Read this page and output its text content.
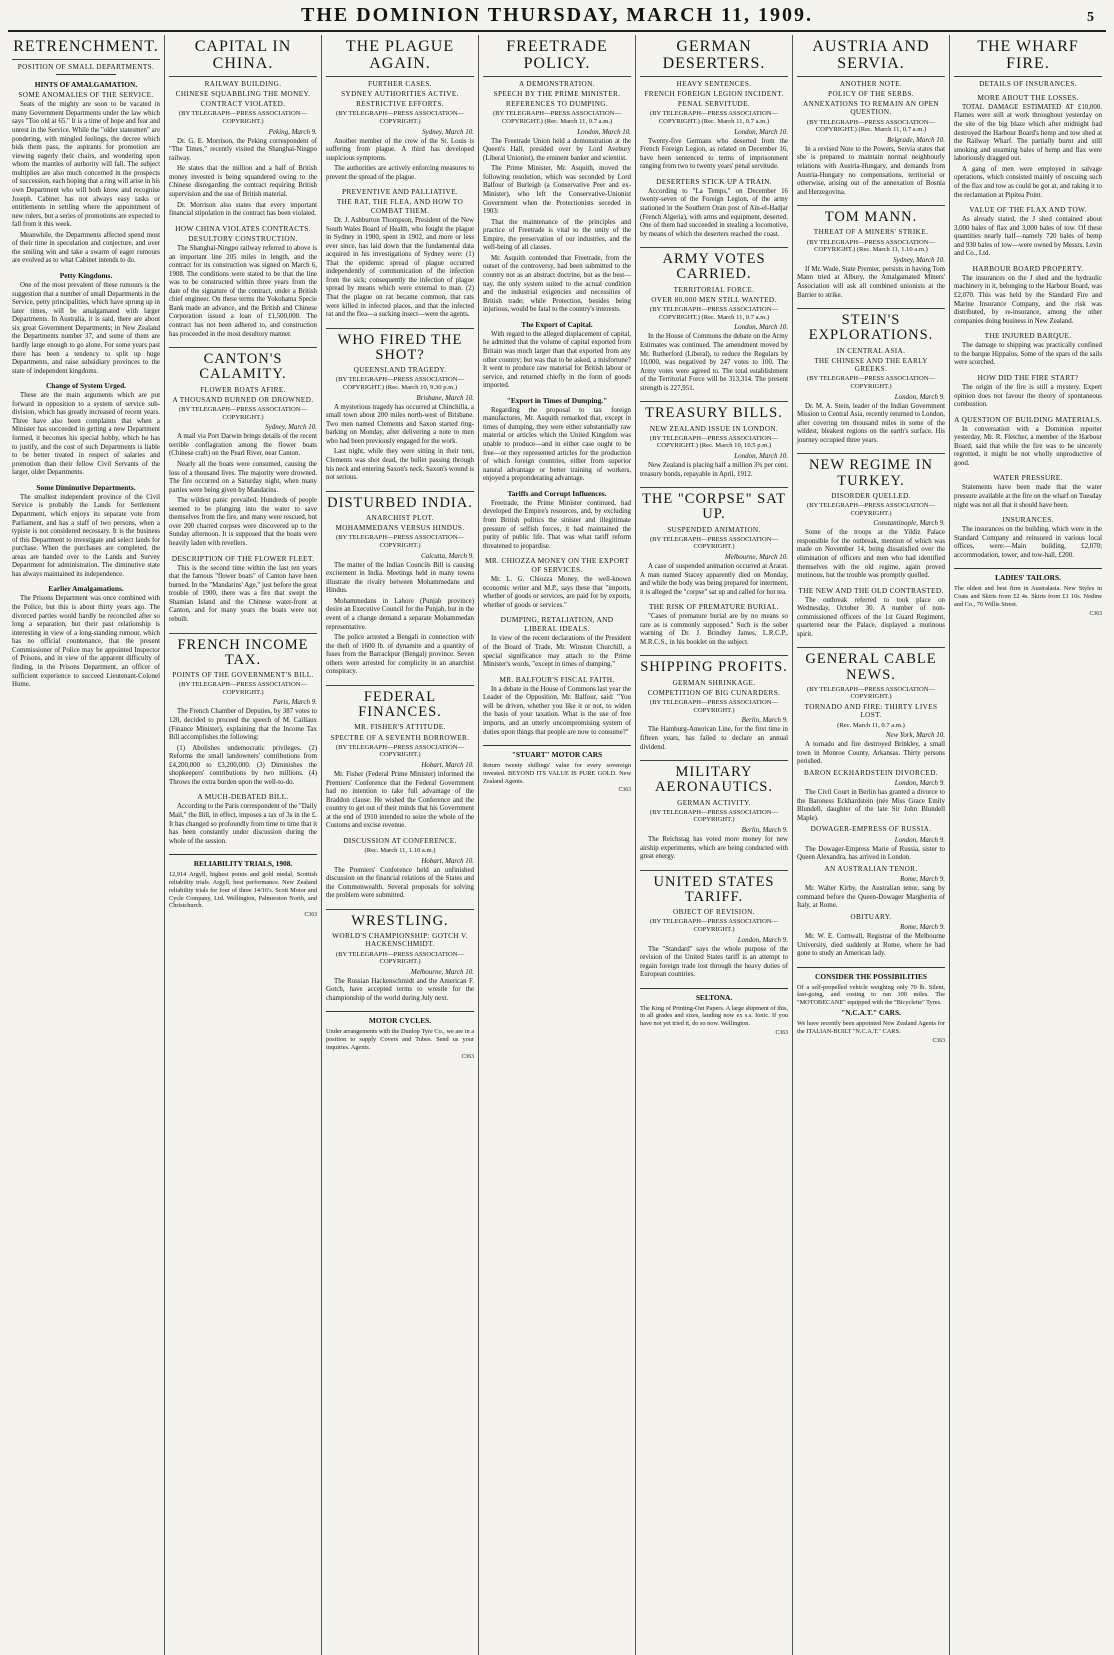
THE DOMINION THURSDAY, MARCH 11, 1909.	5
RETRENCHMENT.
POSITION OF SMALL DEPARTMENTS.
HINTS OF AMALGAMATION.
SOME ANOMALIES OF THE SERVICE.

Seats of the mighty are soon to be vacated in many Government Departments under the law which says "Too old at 65." It is a time of hope and fear and unrest in the Service. While the "older statesmen" are pondering, with mingled feelings, the decree which bids them pass, the aspirants for promotion are viewing eagerly their chairs, and wondering upon whom the mantles of authority will fall. The subject multiplies are also much concerned in the prospects of succession, each hoping that a ring will arise in his own Department who will both know and recognise Joseph. Cabinet has not always easy tasks or entitlements in settling where the appointment of new rulers, but a series of promotions are expected to fall from it this week.

Meanwhile, the Departments affected spend most of their time in speculation and conjecture, and over the smiling win and take a swarm of eager rumours are evolved as to what Cabinet intends to do.

Petty Kingdoms.

One of the most prevalent of these rumours is the suggestion that a number of small Departments in the Service, petty principalities, which have sprung up in later times, will be amalgamated with larger Departments. In Australia, it is said, there are about six great Government Departments; in New Zealand the Departments number 37, and some of them are hardly large enough to go alone. For some years past there has been a tendency to split up huge Departments, and raise subsidiary provinces to the state of independent kingdoms.

Change of System Urged.

These are the main arguments which are put forward in opposition to a system of service sub-division, which has greatly increased of recent years. Three have also been complaints that when a Minister has succeeded in getting a new Department formed, it becomes his special hobby, which he has to justify, and the cost of such Departments is liable to be better treated in respect of salaries and promotion than their fellow Civil Servants of the larger, older Departments.

Some Diminutive Departments.

The smallest independent province of the Civil Service is probably the Lands for Settlement Department, which enjoys its separate vote from Parliament, and has a staff of two persons, when a typiste is not considered necessary. It is the business of this Department to investigate and select lands for purchase. When the purchases are completed, the areas are handed over to the Lands and Survey Department for administration. The diminutive state has always maintained its independence.

Earlier Amalgamations.

The Prisons Department was once combined with the Police, but this is about thirty years ago. The divorced parties would hardly be reconciled after so long a separation, but their past relationship is interesting in view of a long-standing rumour, which has no official countenance, that the present Commissioner of Police may be appointed Inspector of Prisons, and in view of the apparent difficulty of finding, in the Prisons Department, an officer of sufficient experience to succeed Lieutenant-Colonel Hume.

CAPITAL IN CHINA.
RAILWAY BUILDING.
CHINESE SQUABBLING THE MONEY.
CONTRACT VIOLATED.
(BY TELEGRAPH—PRESS ASSOCIATION—COPYRIGHT.)
Peking, March 9.

Dr. G. E. Morrison, the Peking correspondent of "The Times," recently visited the Shanghai-Ningpo railway.

He states that the million and a half of British money invested is being squandered owing to the Chinese disregarding the contract requiring British supervision and the use of British material.

Dr. Morrison also states that every important financial stipulation in the contract has been violated.

HOW CHINA VIOLATES CONTRACTS.
DESULTORY CONSTRUCTION.

The Shanghai-Ningpo railway referred to above is an important line 205 miles in length, and the contract for its construction was signed on March 6, 1908. The conditions were stated to be that the line was to be constructed within three years from the date of the signature of the contract, under a British chief engineer. On these terms the Yokohama Specie Bank made an advance, and the British and Chinese Corporation issued a loan of £1,500,000. The contract has not been adhered to, and construction has proceeded in the most desultory manner.

CANTON'S CALAMITY.
FLOWER BOATS AFIRE.
A THOUSAND BURNED OR DROWNED.
(BY TELEGRAPH—PRESS ASSOCIATION—COPYRIGHT.)
Sydney, March 10.

A mail via Port Darwin brings details of the recent terrible conflagration among the flower boats (Chinese craft) on the Pearl River, near Canton.

Nearly all the boats were consumed, causing the loss of a thousand lives. The majority were drowned. The fire occurred on a Saturday night, when many parties were being given by Mandarins.

The wildest panic prevailed. Hundreds of people seemed to be plunging into the water to save themselves from the fire, and many were rescued, but over 200 charred corpses were discovered up to the Sunday afternoon. It is supposed that the boats were heavily laden with revellers.

DESCRIPTION OF THE FLOWER FLEET.

This is the second time within the last ten years that the famous "flower boats" of Canton have been burned. In the "Mandarins' Age," just before the great trouble of 1900, there was a fire that swept the Shamian Island and the Chinese water-front at Canton, and for many years the boats were not rebuilt.

FRENCH INCOME TAX.
POINTS OF THE GOVERNMENT'S BILL.
(BY TELEGRAPH—PRESS ASSOCIATION—COPYRIGHT.)
Paris, March 9.

The French Chamber of Deputies, by 387 votes to 120, decided to proceed the speech of M. Caillaux (Finance Minister), explaining that the Income Tax Bill accomplishes the following:

(1) Abolishes undemocratic privileges. (2) Reforms the small landowners' contributions from £4,200,000 to £3,200,000. (3) Diminishes the shopkeepers' contributions by two millions. (4) Throws the extra burden upon the well-to-do.

A MUCH-DEBATED BILL.

According to the Paris correspondent of the "Daily Mail," the Bill, in effect, imposes a tax of 3s in the £. It has changed so profoundly from time to time that it has been constantly under discussion during the whole of the session.

RELIABILITY TRIALS, 1908.

12,914 Argyll, highest points and gold medal, Scottish reliability trials. Argyll, best performance. New Zealand reliability trials for four of three 14/16's. Scott Motor and Cycle Company, Ltd. Wellington, Palmerston North, and Christchurch.

C363
THE PLAGUE AGAIN.
FURTHER CASES.
SYDNEY AUTHORITIES ACTIVE.
RESTRICTIVE EFFORTS.
(BY TELEGRAPH—PRESS ASSOCIATION—COPYRIGHT.)
Sydney, March 10.

Another member of the crew of the St. Louis is suffering from plague. A third has developed suspicious symptoms.

The authorities are actively enforcing measures to prevent the spread of the plague.

PREVENTIVE AND PALLIATIVE.
THE RAT, THE FLEA, AND HOW TO COMBAT THEM.

Dr. J. Ashburton Thompson, President of the New South Wales Board of Health, who fought the plague in Sydney in 1900, spent in 1902, and more or less ever since, has laid down that the fundamental data acquired in his investigations of Sydney were: (1) That the epidemic spread of plague occurred independently of communication of the infection from the sick; consequently the infection of plague spread by means which were external to man. (2) That the plague on rat became common, that rats were killed in infected places, and that the infected rat and the flea—a sucking insect—were the agents.

WHO FIRED THE SHOT?
QUEENSLAND TRAGEDY.
(BY TELEGRAPH—PRESS ASSOCIATION—COPYRIGHT.) (Rec. March 10, 9.30 p.m.)
Brisbane, March 10.

A mysterious tragedy has occurred at Chinchilla, a small town about 200 miles north-west of Brisbane. Two men named Clements and Saxon started ring-barking on Monday, after delivering a note to men who had been previously engaged for the work.

Last night, while they were sitting in their tent, Clements was shot dead, the bullet passing through his neck and entering Saxon's neck. Saxon's wound is not serious.

DISTURBED INDIA.
ANARCHIST PLOT.
MOHAMMEDANS VERSUS HINDUS.
(BY TELEGRAPH—PRESS ASSOCIATION—COPYRIGHT.)
Calcutta, March 9.

The matter of the Indian Councils Bill is causing excitement in India. Meetings held in many towns illustrate the rivalry between Mohammedans and Hindus.

Mohammedans in Lahore (Punjab province) desire an Executive Council for the Punjab, but in the event of a change demand a separate Mohammedan representative.

The police arrested a Bengali in connection with the theft of 1600 lb. of dynamite and a quantity of fuses from the Barrackpur (Bengal) province. Seven others were arrested for complicity in an anarchist conspiracy.

FEDERAL FINANCES.
MR. FISHER'S ATTITUDE.
SPECTRE OF A SEVENTH BORROWER.
(BY TELEGRAPH—PRESS ASSOCIATION—COPYRIGHT.)
Hobart, March 10.

Mr. Fisher (Federal Prime Minister) informed the Premiers' Conference that the Federal Government had no intention to take full advantage of the Braddon clause. He wished the Conference and the country to get out of their minds that his Government at the end of 1910 intended to seize the whole of the Customs and excise revenue.

DISCUSSION AT CONFERENCE.
(Rec. March 11, 1.10 a.m.)
Hobart, March 10.

The Premiers' Conference held an unfinished discussion on the financial relations of the States and the Commonwealth. Several proposals for solving the problem were submitted.

WRESTLING.
WORLD'S CHAMPIONSHIP: GOTCH V. HACKENSCHMIDT.
(BY TELEGRAPH—PRESS ASSOCIATION—COPYRIGHT.)
Melbourne, March 10.

The Russian Hackenschmidt and the American F. Gotch, have accepted terms to wrestle for the championship of the world during July next.

MOTOR CYCLES.

Under arrangements with the Dunlop Tyre Co., we are in a position to supply Covers and Tubes. Send us your inquiries. Agents.

C363
FREETRADE POLICY.
A DEMONSTRATION.
SPEECH BY THE PRIME MINISTER.
REFERENCES TO DUMPING.
(BY TELEGRAPH—PRESS ASSOCIATION—COPYRIGHT.) (Rec. March 11, 0.7 a.m.)
London, March 10.

The Freetrade Union held a demonstration at the Queen's Hall, presided over by Lord Avebury (Liberal Unionist), the eminent banker and scientist.

The Prime Minister, Mr. Asquith, moved the following resolution, which was seconded by Lord Balfour of Burleigh (a Conservative Peer and ex-Minister), who left the Conservative-Unionist Government when the Protectionists seceded in 1903:

That the maintenance of the principles and practice of Freetrade is vital to the unity of the Empire, the preservation of our industries, and the well-being of all classes.

Mr. Asquith contended that Freetrade, from the outset of the controversy, had been submitted to the country not as an abstract doctrine, but as the best—nay, the only system suited to the actual condition and the industrial exigencies and necessities of British trade; while Protection, besides being injurious, would be fatal to the country's interests.

The Export of Capital.

With regard to the alleged displacement of capital, he admitted that the volume of capital exported from Britain was much larger than that exported from any other country; but was that to be asked, a misfortune? It went to produce raw material for British labour or service, and returned chiefly in the form of goods imported.

"Export in Times of Dumping."

Regarding the proposal to tax foreign manufactures, Mr. Asquith remarked that, except in times of dumping, they were either substantially raw material or articles which the United Kingdom was unable to produce—and in either case ought to be free—or they represented articles for the production of which foreign countries, either from superior natural advantage or better training of workers, enjoyed a preponderating advantage.

Tariffs and Corrupt Influences.

Freetrade, the Prime Minister continued, had developed the Empire's resources, and, by excluding from British politics the sinister and illegitimate pressure of selfish forces, it had maintained the purity of public life. That was what tariff reform threatened to jeopardise.

MR. CHIOZZA MONEY ON THE EXPORT OF SERVICES.

Mr. L. G. Chiozza Money, the well-known economic writer and M.P., says these that "imports, whether of goods or services, are paid for by exports, whether of goods or services."

DUMPING, RETALIATION, AND LIBERAL IDEALS.

In view of the recent declarations of the President of the Board of Trade, Mr. Winston Churchill, a special significance may attach to the Prime Minister's words, "except in times of dumping."

MR. BALFOUR'S FISCAL FAITH.

In a debate in the House of Commons last year the Leader of the Opposition, Mr. Balfour, said: "You will be driven, whether you like it or not, to widen the basis of your taxation. What is the use of free imports, and an utterly uncompromising system of duties upon things that people are now to consume?"

"STUART" MOTOR CARS

Return twenty shillings' value for every sovereign invested. BEYOND ITS VALUE IS PURE GOLD. New Zealand Agents.

C363
GERMAN DESERTERS.
HEAVY SENTENCES.
FRENCH FOREIGN LEGION INCIDENT.
PENAL SERVITUDE.
(BY TELEGRAPH—PRESS ASSOCIATION—COPYRIGHT.) (Rec. March 11, 0.7 a.m.)
London, March 10.

Twenty-five Germans who deserted from the French Foreign Legion, as related on December 16, have been sentenced to terms of imprisonment ranging from two to twenty years' penal servitude.

DESERTERS STICK UP A TRAIN.

According to "La Temps," on December 16 twenty-seven of the Foreign Legion, of the army stationed in the Southern Oran post of Aïn-el-Hadjar (French Algeria), with arms and equipment, deserted. One of them had succeeded in stealing a locomotive, by means of which the deserters reached the coast.

ARMY VOTES CARRIED.
TERRITORIAL FORCE.
OVER 80,000 MEN STILL WANTED.
(BY TELEGRAPH—PRESS ASSOCIATION—COPYRIGHT.) (Rec. March 11, 0.7 a.m.)
London, March 10.

In the House of Commons the debate on the Army Estimates was continued. The amendment moved by Mr. Rutherford (Liberal), to reduce the Regulars by 10,000, was negatived by 247 votes to 100. The Army votes were agreed to. The total establishment of the Territorial Force will be 313,314. The present strength is 227,951.

TREASURY BILLS.
NEW ZEALAND ISSUE IN LONDON.
(BY TELEGRAPH—PRESS ASSOCIATION—COPYRIGHT.) (Rec. March 10, 10.5 p.m.)
London, March 10.

New Zealand is placing half a million 3¾ per cent. treasury bonds, repayable in April, 1912.

THE "CORPSE" SAT UP.
SUSPENDED ANIMATION.
(BY TELEGRAPH—PRESS ASSOCIATION—COPYRIGHT.)
Melbourne, March 10.

A case of suspended animation occurred at Ararat. A man named Stacey apparently died on Monday, and while the body was being prepared for interment, it is alleged the "corpse" sat up and called for hot tea.

THE RISK OF PREMATURE BURIAL.

"Cases of premature burial are by no means so rare as is commonly supposed." Such is the sober warning of Dr. J. Brindley James, L.R.C.P., M.R.C.S., in his booklet on the subject.

SHIPPING PROFITS.
GERMAN SHRINKAGE.
COMPETITION OF BIG CUNARDERS.
(BY TELEGRAPH—PRESS ASSOCIATION—COPYRIGHT.)
Berlin, March 9.

The Hamburg-American Line, for the first time in fifteen years, has failed to declare an annual dividend.

MILITARY AERONAUTICS.
GERMAN ACTIVITY.
(BY TELEGRAPH—PRESS ASSOCIATION—COPYRIGHT.)
Berlin, March 9.

The Reichstag has voted more money for new airship experiments, which are being conducted with great energy.

UNITED STATES TARIFF.
OBJECT OF REVISION.
(BY TELEGRAPH—PRESS ASSOCIATION—COPYRIGHT.)
London, March 9.

The "Standard" says the whole purpose of the revision of the United States tariff is an attempt to regain foreign trade lost through the heavy duties of European countries.

SELTONA.

The King of Printing-Out Papers. A large shipment of this, in all grades and sizes, landing now ex s.s. Ionic. If you have not yet tried it, do so now. Wellington.

C363
AUSTRIA AND SERVIA.
ANOTHER NOTE.
POLICY OF THE SERBS.
ANNEXATIONS TO REMAIN AN OPEN QUESTION.
(BY TELEGRAPH—PRESS ASSOCIATION—COPYRIGHT.) (Rec. March 11, 0.7 a.m.)
Belgrade, March 10.

In a revised Note to the Powers, Servia states that she is prepared to maintain normal neighbourly relations with Austria-Hungary, and demands from Austria-Hungary no compensations, territorial or otherwise, arising out of the annexation of Bosnia and Herzegovina.

TOM MANN.
THREAT OF A MINERS' STRIKE.
(BY TELEGRAPH—PRESS ASSOCIATION—COPYRIGHT.) (Rec. March 11, 1.10 a.m.)
Sydney, March 10.

If Mr. Wade, State Premier, persists in having Tom Mann tried at Albury, the Amalgamated Miners' Association will ask all combined unionists at the Barrier to strike.

STEIN'S EXPLORATIONS.
IN CENTRAL ASIA.
THE CHINESE AND THE EARLY GREEKS.
(BY TELEGRAPH—PRESS ASSOCIATION—COPYRIGHT.)
London, March 9.

Dr. M. A. Stein, leader of the Indian Government Mission to Central Asia, recently returned to London, after covering ten thousand miles in some of the wildest, bleakest regions on the earth's surface. His journey occupied three years.

NEW REGIME IN TURKEY.
DISORDER QUELLED.
(BY TELEGRAPH—PRESS ASSOCIATION—COPYRIGHT.)
Constantinople, March 9.

Some of the troops at the Yildiz Palace responsible for the outbreak, mention of which was made on November 14, being dissatisfied over the elimination of officers and men who had identified themselves with the old regime, again proved mutinous, but the trouble was promptly quelled.

THE NEW AND THE OLD CONTRASTED.

The outbreak referred to took place on Wednesday, October 30. A number of non-commissioned officers of the 1st Guard Regiment, quartered near the Palace, displayed a mutinous spirit.

GENERAL CABLE NEWS.
(BY TELEGRAPH—PRESS ASSOCIATION—COPYRIGHT.)
TORNADO AND FIRE: THIRTY LIVES LOST.
(Rec. March 11, 0.7 a.m.)
New York, March 10.

A tornado and fire destroyed Brinkley, a small town in Monroe County, Arkansas. Thirty persons perished.

BARON ECKHARDSTEIN DIVORCED.
London, March 9.

The Civil Court in Berlin has granted a divorce to the Baroness Eckhardstein (née Miss Grace Emily Blundell, daughter of the late Sir John Blundell Maple).

DOWAGER-EMPRESS OF RUSSIA.
London, March 9.

The Dowager-Empress Marie of Russia, sister to Queen Alexandra, has arrived in London.

AN AUSTRALIAN TENOR.
Rome, March 9.

Mr. Walter Kirby, the Australian tenor, sang by command before the Queen-Dowager Margherita of Italy, at Rome.

OBITUARY.
Rome, March 9.

Mr. W. E. Cornwall, Registrar of the Melbourne University, died suddenly at Rome, where he had gone to study an American lady.

CONSIDER THE POSSIBILITIES

Of a self-propelled vehicle weighing only 70 lb. Silent, fast-going, and costing to run 100 miles. The "MOTOBECANE" equipped with the "Bicyclette" Tyres.

"N.C.A.T." CARS.

We have recently been appointed New Zealand Agents for the ITALIAN-BUILT "N.C.A.T." CARS.

C363
THE WHARF FIRE.
DETAILS OF INSURANCES.
MORE ABOUT THE LOSSES.

TOTAL DAMAGE ESTIMATED AT £10,000. Flames were still at work throughout yesterday on the site of the big blaze which after midnight had destroyed the Harbour Board's hemp and tow shed at the Railway Wharf. The partially burnt and still smoking and steaming bales of hemp and flax were laboriously dragged out.

A gang of men were employed in salvage operations, which consisted mainly of rescuing such of the flax and tow as could be got at, and raking it to the reclamation at Pipitea Point.

VALUE OF THE FLAX AND TOW.

As already stated, the J shed contained about 3,000 bales of flax and 3,000 bales of tow. Of these quantities nearly half—namely 720 bales of hemp and 930 bales of tow—were owned by Messrs. Levin and Co., Ltd.

HARBOUR BOARD PROPERTY.

The insurances on the J shed and the hydraulic machinery in it, belonging to the Harbour Board, was £2,070. This was held by the Standard Fire and Marine Insurance Company, and the risk was distributed, by re-insurance, among the other companies doing business in New Zealand.

THE INJURED BARQUE.

The damage to shipping was practically confined to the barque Hippalos. Some of the spars of the sails were scorched.

HOW DID THE FIRE START?

The origin of the fire is still a mystery. Expert opinion does not favour the theory of spontaneous combustion.

A QUESTION OF BUILDING MATERIALS.

In conversation with a Dominion reporter yesterday, Mr. R. Fletcher, a member of the Harbour Board, said that while the fire was to be sincerely regretted, it might be not wholly unproductive of good.

WATER PRESSURE.

Statements have been made that the water pressure available at the fire on the wharf on Tuesday night was not all that it should have been.

INSURANCES.

The insurances on the building, which were in the Standard Company and reinsured in various local offices, were:—Main building, £2,070; accommodation, tower, and tow-hall, £200.

LADIES' TAILORS.

The oldest and best firm in Australasia. New Styles in Coats and Skirts from £2 4s. Skirts from £1 10s. Nodine and Co., 76 Willis Street.

C363
